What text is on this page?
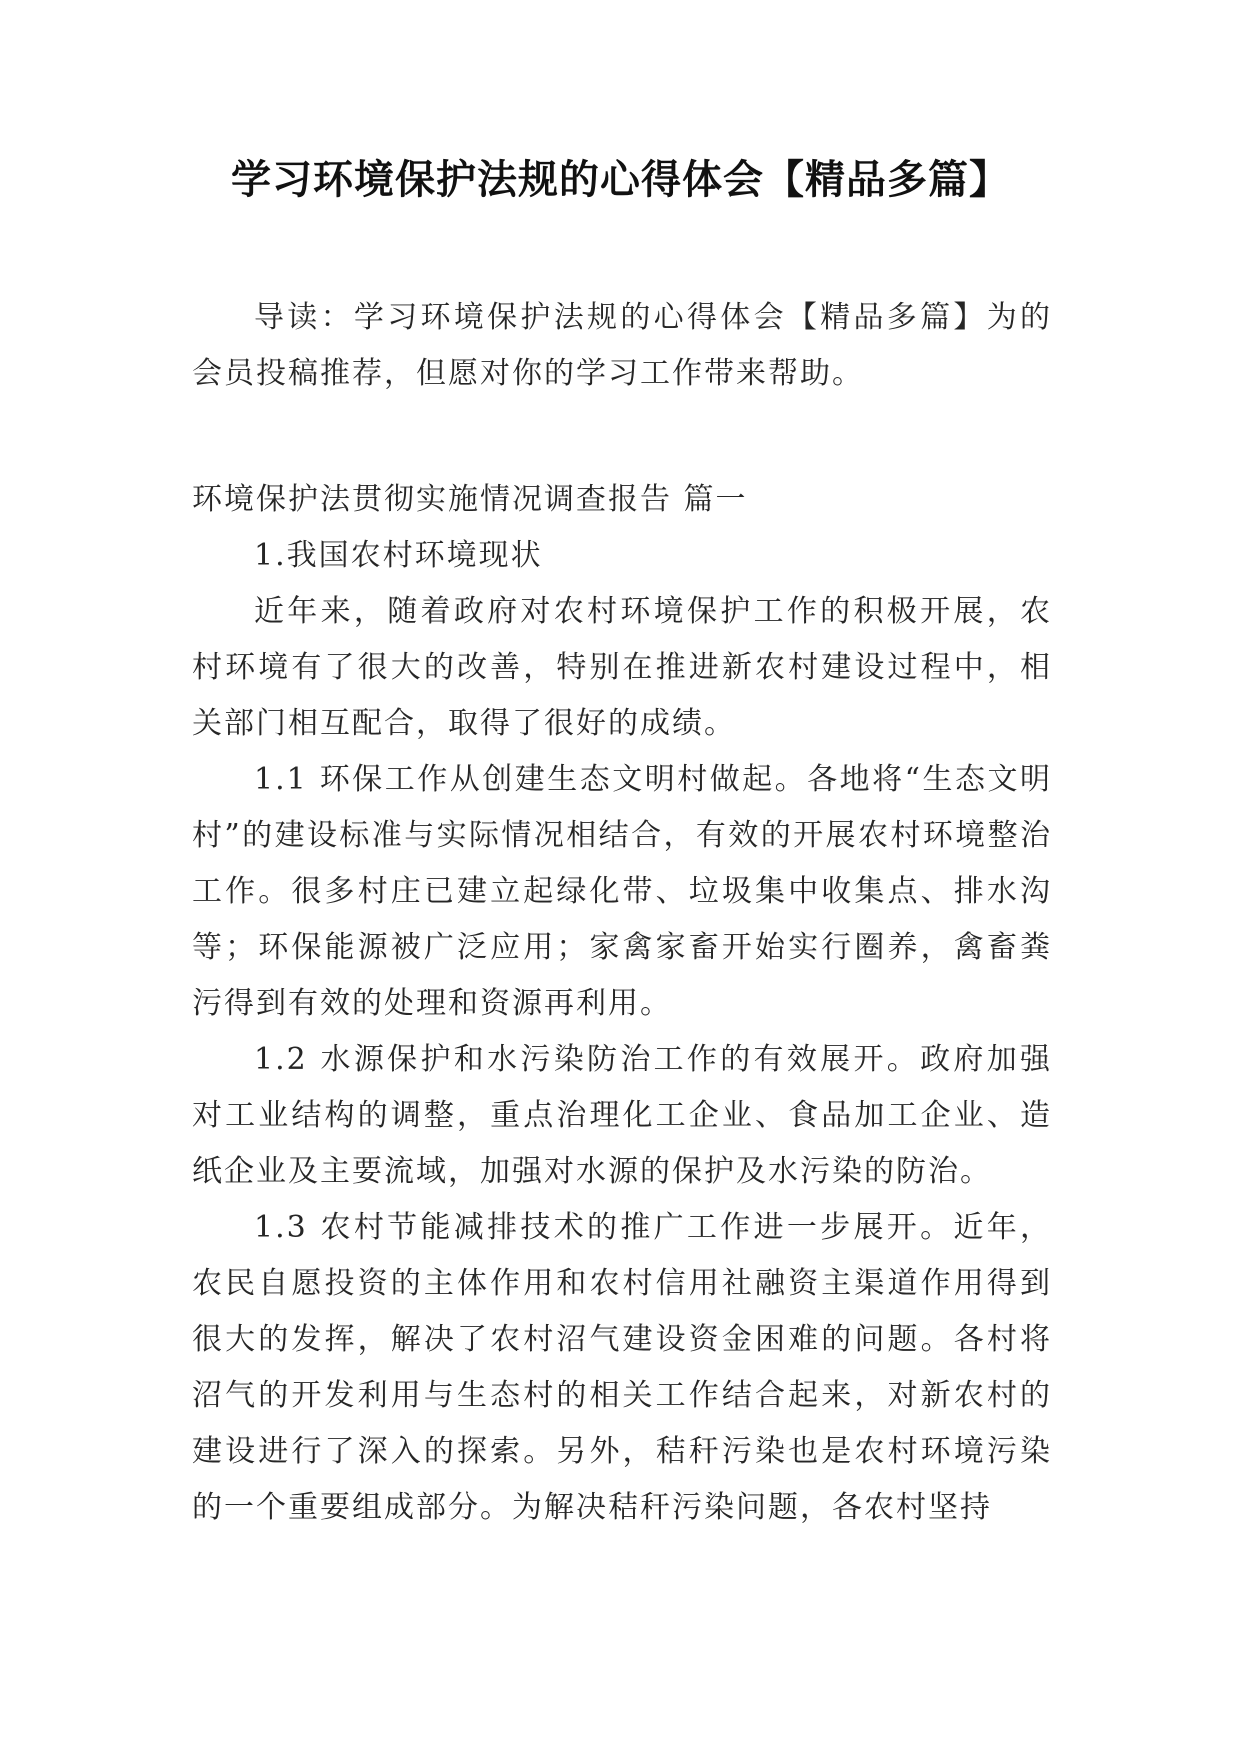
学习环境保护法规的心得体会【精品多篇】

导读：学习环境保护法规的心得体会【精品多篇】为的会员投稿推荐，但愿对你的学习工作带来帮助。

环境保护法贯彻实施情况调查报告 篇一

1.我国农村环境现状

近年来，随着政府对农村环境保护工作的积极开展，农村环境有了很大的改善，特别在推进新农村建设过程中，相关部门相互配合，取得了很好的成绩。

1.1 环保工作从创建生态文明村做起。各地将“生态文明村”的建设标准与实际情况相结合，有效的开展农村环境整治工作。很多村庄已建立起绿化带、垃圾集中收集点、排水沟等；环保能源被广泛应用；家禽家畜开始实行圈养，禽畜粪污得到有效的处理和资源再利用。

1.2 水源保护和水污染防治工作的有效展开。政府加强对工业结构的调整，重点治理化工企业、食品加工企业、造纸企业及主要流域，加强对水源的保护及水污染的防治。

1.3 农村节能减排技术的推广工作进一步展开。近年，农民自愿投资的主体作用和农村信用社融资主渠道作用得到很大的发挥，解决了农村沼气建设资金困难的问题。各村将沼气的开发利用与生态村的相关工作结合起来，对新农村的建设进行了深入的探索。另外，秸秆污染也是农村环境污染的一个重要组成部分。为解决秸秆污染问题，各农村坚持
